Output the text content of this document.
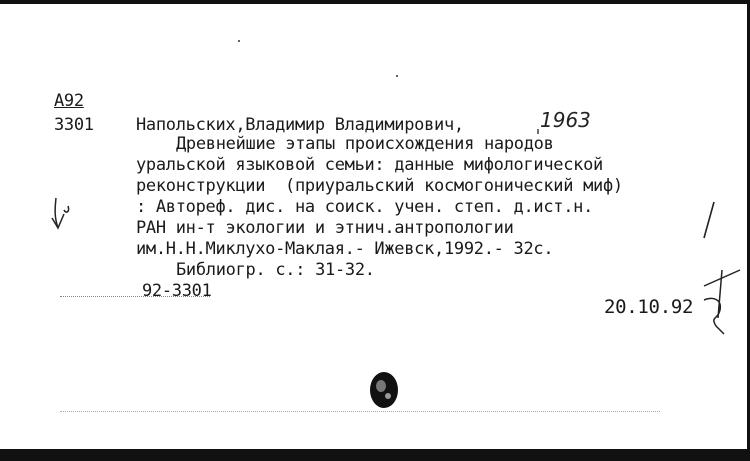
A92
3301 Напольских,Владимир Владимирович,	1963
Древнейшие этапы происхождения народов
уральской языковой семьи: данные мифологической
реконструкции  (приуральский космогонический миф)
: Автореф. дис. на соиск. учен. степ. д.ист.н.
РАН ин-т экологии и этнич.антропологии
им.Н.Н.Миклухо-Маклая.- Ижевск,1992.- 32с.
Библиогр. с.: 31-32.
92-3301
20.10.92
